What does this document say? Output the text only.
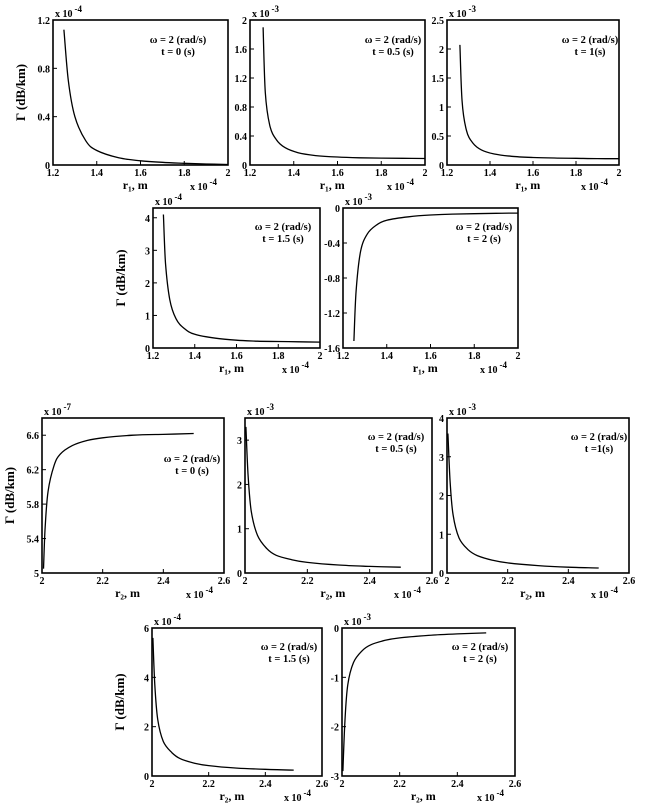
1.2	1.4	1.6	1.8	2
0
0.4
0.8
1.2
x 10 -4
x 10 -4
r₁, m
Γ (dB/km)
ω = 2 (rad/s)
t = 0 (s)
1.2	1.4	1.6	1.8	2
0
0.4
0.8
1.2
1.6
2
x 10 -3
x 10 -4
r₁, m
ω = 2 (rad/s)
t = 0.5 (s)
1.2	1.4	1.6	1.8	2
0
0.5
1
1.5
2
2.5
x 10 -3
x 10 -4
r₁, m
ω = 2 (rad/s)
t = 1(s)
1.2	1.4	1.6	1.8	2
0
1
2
3
4
x 10 -4
x 10 -4
r₁, m
Γ (dB/km)
ω = 2 (rad/s)
t = 1.5 (s)
1.2	1.4	1.6	1.8	2
-1.6
-1.2
-0.8
-0.4
0
x 10 -3
x 10 -4
r₁, m
ω = 2 (rad/s)
t = 2 (s)
2	2.2	2.4	2.6
5
5.4
5.8
6.2
6.6
x 10 -7
x 10 -4
r₂, m
Γ (dB/km)
ω = 2 (rad/s)
t = 0 (s)
2	2.2	2.4	2.6
0
1
2
3
x 10 -3
x 10 -4
r₂, m
ω = 2 (rad/s)
t = 0.5 (s)
2	2.2	2.4	2.6
0
1
2
3
4
x 10 -3
x 10 -4
r₂, m
ω = 2 (rad/s)
t =1(s)
2	2.2	2.4	2.6
0
2
4
6
x 10 -4
x 10 -4
r₂, m
Γ (dB/km)
ω = 2 (rad/s)
t = 1.5 (s)
2	2.2	2.4	2.6
-3
-2
-1
0
x 10 -3
x 10 -4
r₂, m
ω = 2 (rad/s)
t = 2 (s)
